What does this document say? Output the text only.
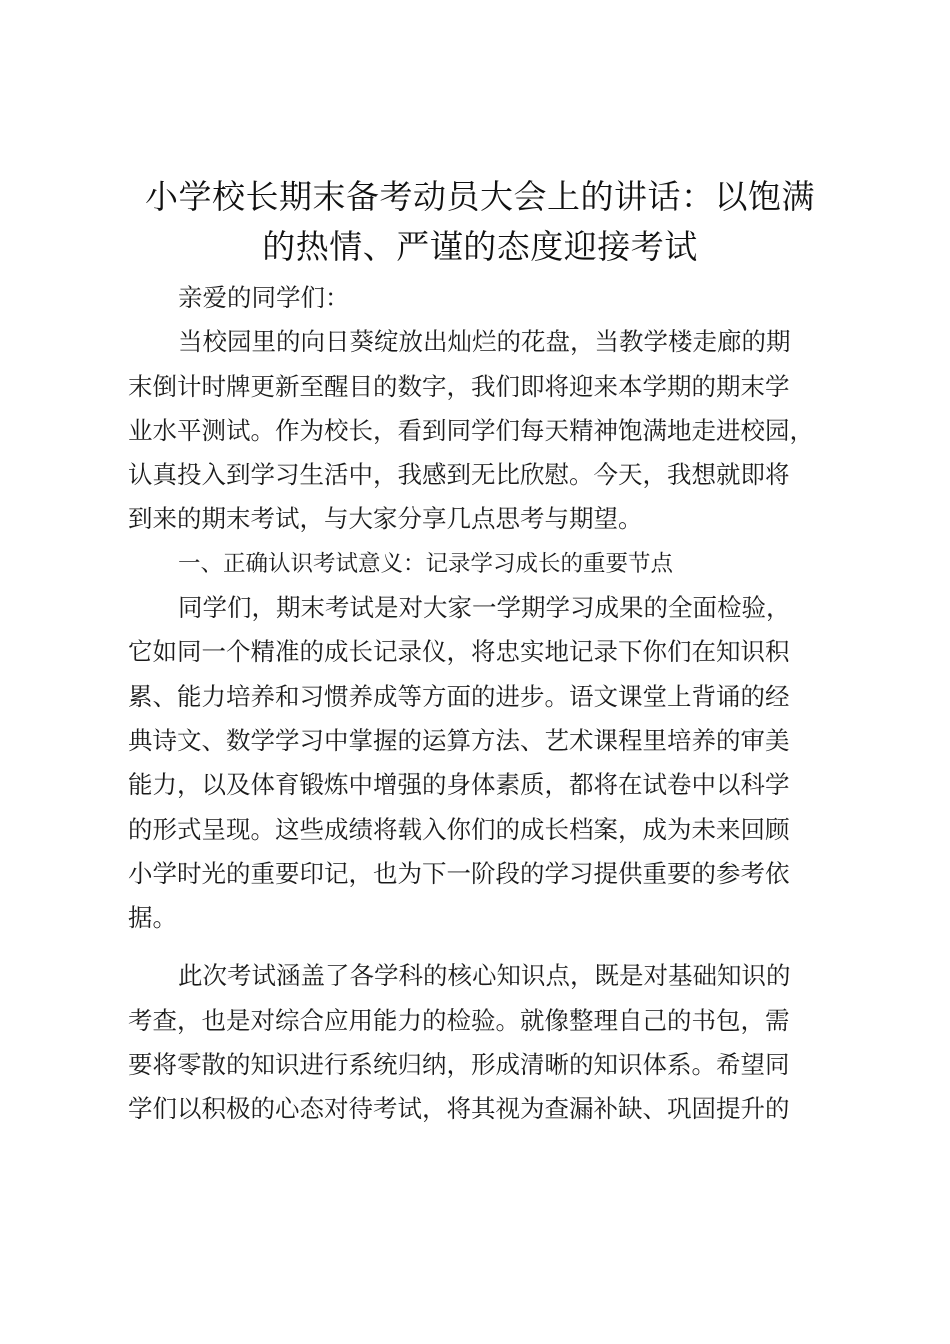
小学校长期末备考动员大会上的讲话：以饱满
的热情、严谨的态度迎接考试
亲爱的同学们：
当校园里的向日葵绽放出灿烂的花盘，当教学楼走廊的期
末倒计时牌更新至醒目的数字，我们即将迎来本学期的期末学
业水平测试。作为校长，看到同学们每天精神饱满地走进校园，
认真投入到学习生活中，我感到无比欣慰。今天，我想就即将
到来的期末考试，与大家分享几点思考与期望。
一、正确认识考试意义：记录学习成长的重要节点
同学们，期末考试是对大家一学期学习成果的全面检验，
它如同一个精准的成长记录仪，将忠实地记录下你们在知识积
累、能力培养和习惯养成等方面的进步。语文课堂上背诵的经
典诗文、数学学习中掌握的运算方法、艺术课程里培养的审美
能力，以及体育锻炼中增强的身体素质，都将在试卷中以科学
的形式呈现。这些成绩将载入你们的成长档案，成为未来回顾
小学时光的重要印记，也为下一阶段的学习提供重要的参考依
据。
此次考试涵盖了各学科的核心知识点，既是对基础知识的
考查，也是对综合应用能力的检验。就像整理自己的书包，需
要将零散的知识进行系统归纳，形成清晰的知识体系。希望同
学们以积极的心态对待考试，将其视为查漏补缺、巩固提升的
